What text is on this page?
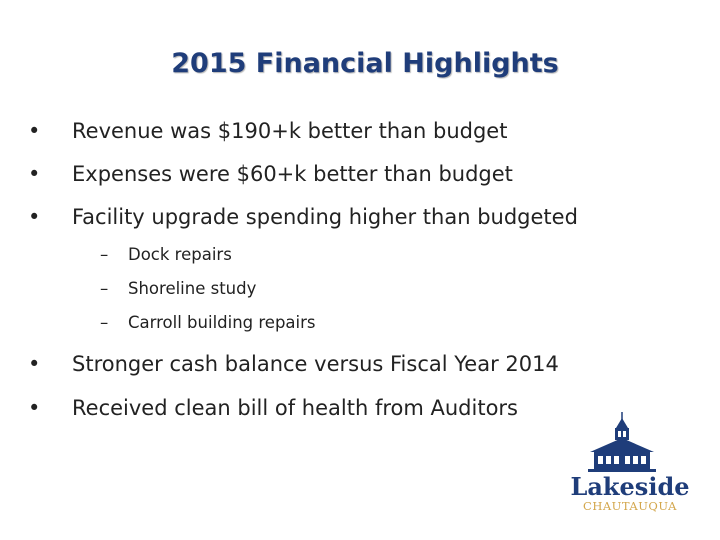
2015 Financial Highlights
• Revenue was $190+k better than budget
• Expenses were $60+k better than budget
• Facility upgrade spending higher than budgeted
– Dock repairs
– Shoreline study
– Carroll building repairs
• Stronger cash balance versus Fiscal Year 2014
• Received clean bill of health from Auditors
Lakeside
CHAUTAUQUA
